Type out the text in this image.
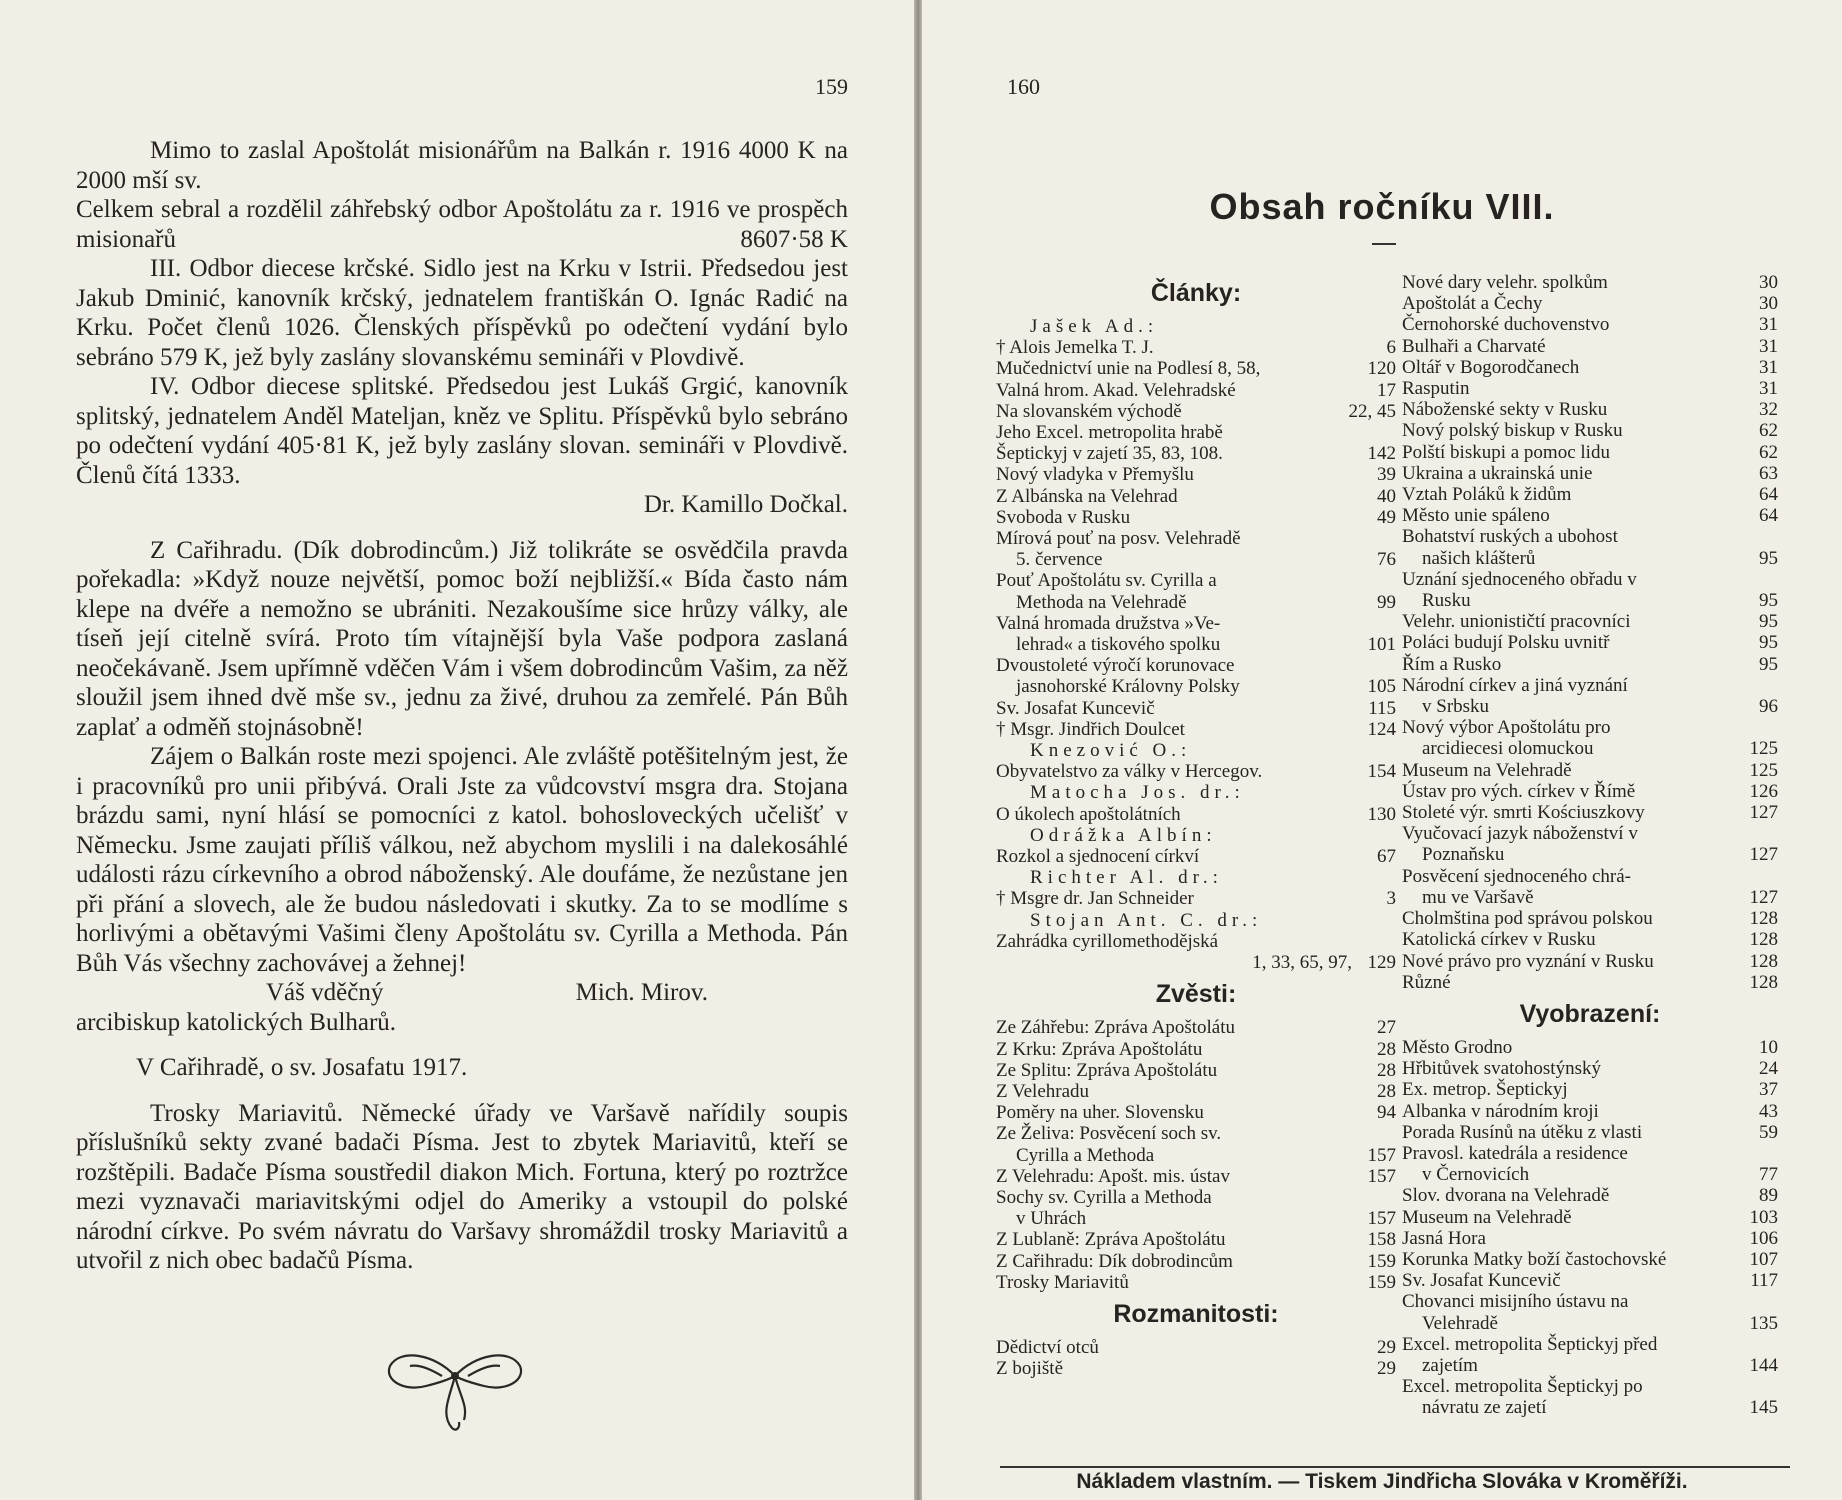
159

Mimo to zaslal Apoštolát misionářům na Balkán r. 1916 4000 K na 2000 mší sv.

Celkem sebral a rozdělil záhřebský odbor Apoštolátu za r. 1916 ve prospěch misionařů	8607·58 K

III. Odbor diecese krčské. Sidlo jest na Krku v Istrii. Předsedou jest Jakub Dminić, kanovník krčský, jednatelem františkán O. Ignác Radić na Krku. Počet členů 1026. Členských příspěvků po odečtení vydání bylo sebráno 579 K, jež byly zaslány slovanskému semináři v Plovdivě.

IV. Odbor diecese splitské. Předsedou jest Lukáš Grgić, kanovník splitský, jednatelem Anděl Mateljan, kněz ve Splitu. Příspěvků bylo sebráno po odečtení vydání 405·81 K, jež byly zaslány slovan. semináři v Plovdivě. Členů čítá 1333.

Dr. Kamillo Dočkal.

Z Cařihradu. (Dík dobrodincům.) Již tolikráte se osvědčila pravda pořekadla: »Když nouze největší, pomoc boží nejbližší.« Bída často nám klepe na dvéře a nemožno se ubrániti. Nezakoušíme sice hrůzy války, ale tíseň její citelně svírá. Proto tím vítajnější byla Vaše podpora zaslaná neočekávaně. Jsem upřímně vděčen Vám i všem dobrodincům Vašim, za něž sloužil jsem ihned dvě mše sv., jednu za živé, druhou za zemřelé. Pán Bůh zaplať a odměň stojnásobně!

Zájem o Balkán roste mezi spojenci. Ale zvláště potěšitelným jest, že i pracovníků pro unii přibývá. Orali Jste za vůdcovství msgra dra. Stojana brázdu sami, nyní hlásí se pomocníci z katol. bohosloveckých učelišť v Německu. Jsme zaujati příliš válkou, než abychom myslili i na dalekosáhlé události rázu církevního a obrod náboženský. Ale doufáme, že nezůstane jen při přání a slovech, ale že budou následovati i skutky. Za to se modlíme s horlivými a obětavými Vašimi členy Apoštolátu sv. Cyrilla a Methoda. Pán Bůh Vás všechny zachovávej a žehnej!

Váš vděčný	Mich. Mirov.

arcibiskup katolických Bulharů.

V Cařihradě, o sv. Josafatu 1917.

Trosky Mariavitů. Německé úřady ve Varšavě nařídily soupis příslušníků sekty zvané badači Písma. Jest to zbytek Mariavitů, kteří se rozštěpili. Badače Písma soustředil diakon Mich. Fortuna, který po roztržce mezi vyznavači mariavitskými odjel do Ameriky a vstoupil do polské národní církve. Po svém návratu do Varšavy shromáždil trosky Mariavitů a utvořil z nich obec badačů Písma.

160
Obsah ročníku VIII.
Články:
Jašek Ad.:
† Alois Jemelka T. J.	6
Mučednictví unie na Podlesí 8, 58,	120
Valná hrom. Akad. Velehradské	17
Na slovanském východě	22, 45
Jeho Excel. metropolita hrabě
Šeptickyj v zajetí 35, 83, 108.	142
Nový vladyka v Přemyšlu	39
Z Albánska na Velehrad	40
Svoboda v Rusku	49
Mírová pouť na posv. Velehradě
5. července	76
Pouť Apoštolátu sv. Cyrilla a
Methoda na Velehradě	99
Valná hromada družstva »Ve-
lehrad« a tiskového spolku	101
Dvoustoleté výročí korunovace
jasnohorské Královny Polsky	105
Sv. Josafat Kuncevič	115
† Msgr. Jindřich Doulcet	124
Knezović O.:
Obyvatelstvo za války v Hercegov.	154
Matocha Jos. dr.:
O úkolech apoštolátních	130
Odrážka Albín:
Rozkol a sjednocení církví	67
Richter Al. dr.:
† Msgre dr. Jan Schneider	3
Stojan Ant. C. dr.:
Zahrádka cyrillomethodějská
1, 33, 65, 97, 129
Zvěsti:
Ze Záhřebu: Zpráva Apoštolátu	27
Z Krku: Zpráva Apoštolátu	28
Ze Splitu: Zpráva Apoštolátu	28
Z Velehradu	28
Poměry na uher. Slovensku	94
Ze Želiva: Posvěcení soch sv.
Cyrilla a Methoda	157
Z Velehradu: Apošt. mis. ústav	157
Sochy sv. Cyrilla a Methoda
v Uhrách	157
Z Lublaně: Zpráva Apoštolátu	158
Z Cařihradu: Dík dobrodincům	159
Trosky Mariavitů	159
Rozmanitosti:
Dědictví otců	29
Z bojiště	29
Nové dary velehr. spolkům	30
Apoštolát a Čechy	30
Černohorské duchovenstvo	31
Bulhaři a Charvaté	31
Oltář v Bogorodčanech	31
Rasputin	31
Náboženské sekty v Rusku	32
Nový polský biskup v Rusku	62
Polští biskupi a pomoc lidu	62
Ukraina a ukrainská unie	63
Vztah Poláků k židům	64
Město unie spáleno	64
Bohatství ruských a ubohost
našich klášterů	95
Uznání sjednoceného obřadu v
Rusku	95
Velehr. unionističtí pracovníci	95
Poláci budují Polsku uvnitř	95
Řím a Rusko	95
Národní církev a jiná vyznání
v Srbsku	96
Nový výbor Apoštolátu pro
arcidiecesi olomuckou	125
Museum na Velehradě	125
Ústav pro vých. církev v Římě	126
Stoleté výr. smrti Kościuszkovy	127
Vyučovací jazyk náboženství v
Poznaňsku	127
Posvěcení sjednoceného chrá-
mu ve Varšavě	127
Cholmština pod správou polskou	128
Katolická církev v Rusku	128
Nové právo pro vyznání v Rusku	128
Různé	128
Vyobrazení:
Město Grodno	10
Hřbitůvek svatohostýnský	24
Ex. metrop. Šeptickyj	37
Albanka v národním kroji	43
Porada Rusínů na útěku z vlasti	59
Pravosl. katedrála a residence
v Černovicích	77
Slov. dvorana na Velehradě	89
Museum na Velehradě	103
Jasná Hora	106
Korunka Matky boží častochovské	107
Sv. Josafat Kuncevič	117
Chovanci misijního ústavu na
Velehradě	135
Excel. metropolita Šeptickyj před
zajetím	144
Excel. metropolita Šeptickyj po
návratu ze zajetí	145
Nákladem vlastním. — Tiskem Jindřicha Slováka v Kroměříži.
